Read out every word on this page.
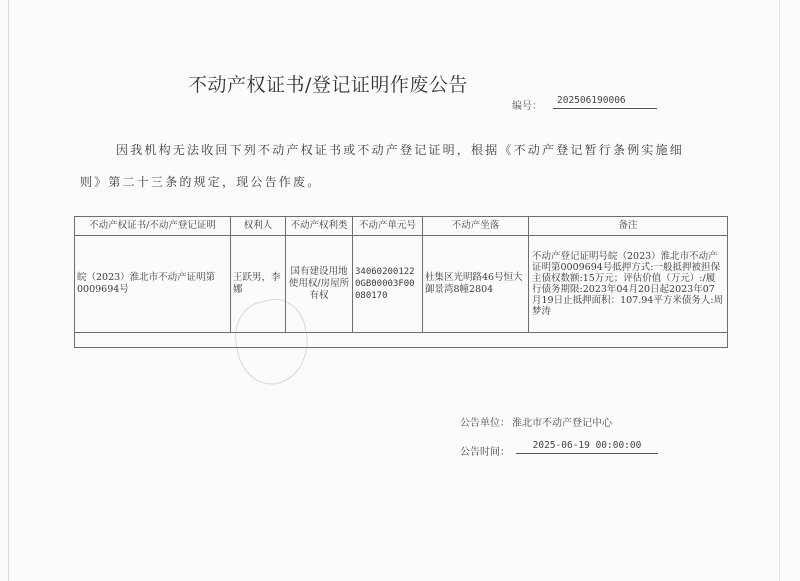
不动产权证书/登记证明作废公告
编号：
202506190006
因我机构无法收回下列不动产权证书或不动产登记证明，根据《不动产登记暂行条例实施细则》第二十三条的规定，现公告作废。
不动产权证书/不动产登记证明	权利人	不动产权利类	不动产单元号	不动产坐落	备注
皖（2023）淮北市不动产证明第0009694号	王跃男，李娜	国有建设用地使用权/房屋所有权	340602001220GB00003F00080170	杜集区光明路46号恒大御景湾8幢2804	不动产登记证明号皖（2023）淮北市不动产证明第0009694号抵押方式:一般抵押被担保主债权数额:15万元；评估价值（万元）:/履行债务期限:2023年04月20日起2023年07月19日止抵押面积：107.94平方米债务人:周梦涛

公告单位： 淮北市不动产登记中心
公告时间：
2025-06-19 00:00:00
